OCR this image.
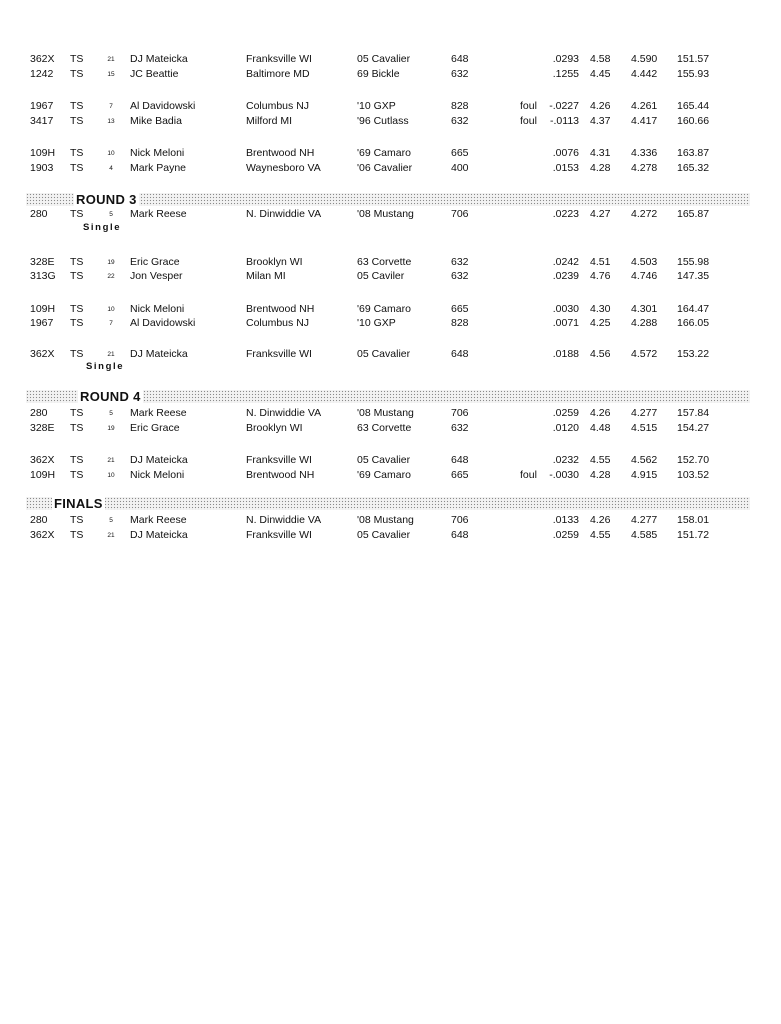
362X	TS	21	DJ Mateicka	Franksville WI	05 Cavalier	648	.0293 4.58 4.590 151.57
1242	TS	15	JC Beattie	Baltimore MD	69 Bickle	632	.1255 4.45 4.442 155.93
1967	TS	7	Al Davidowski	Columbus NJ	'10 GXP	828	foul -.0227 4.26 4.261 165.44
3417	TS	13	Mike Badia	Milford MI	'96 Cutlass	632	foul -.0113 4.37 4.417 160.66
109H	TS	10	Nick Meloni	Brentwood NH	'69 Camaro	665	.0076 4.31 4.336 163.87
1903	TS	4	Mark Payne	Waynesboro VA	'06 Cavalier	400	.0153 4.28 4.278 165.32
ROUND 3
280	TS	5	Mark Reese	N. Dinwiddie VA	'08 Mustang	706	.0223 4.27 4.272 165.87
328E	TS	19	Eric Grace	Brooklyn WI	63 Corvette	632	.0242 4.51 4.503 155.98
313G	TS	22	Jon Vesper	Milan MI	05 Caviler	632	.0239 4.76 4.746 147.35
109H	TS	10	Nick Meloni	Brentwood NH	'69 Camaro	665	.0030 4.30 4.301 164.47
1967	TS	7	Al Davidowski	Columbus NJ	'10 GXP	828	.0071 4.25 4.288 166.05
362X	TS	21	DJ Mateicka	Franksville WI	05 Cavalier	648	.0188 4.56 4.572 153.22
Single
Single
ROUND 4
280	TS	5	Mark Reese	N. Dinwiddie VA	'08 Mustang	706	.0259 4.26 4.277 157.84
328E	TS	19	Eric Grace	Brooklyn WI	63 Corvette	632	.0120 4.48 4.515 154.27
362X	TS	21	DJ Mateicka	Franksville WI	05 Cavalier	648	.0232 4.55 4.562 152.70
109H	TS	10	Nick Meloni	Brentwood NH	'69 Camaro	665	foul -.0030 4.28 4.915 103.52
FINALS
280	TS	5	Mark Reese	N. Dinwiddie VA	'08 Mustang	706	.0133 4.26 4.277 158.01
362X	TS	21	DJ Mateicka	Franksville WI	05 Cavalier	648	.0259 4.55 4.585 151.72
